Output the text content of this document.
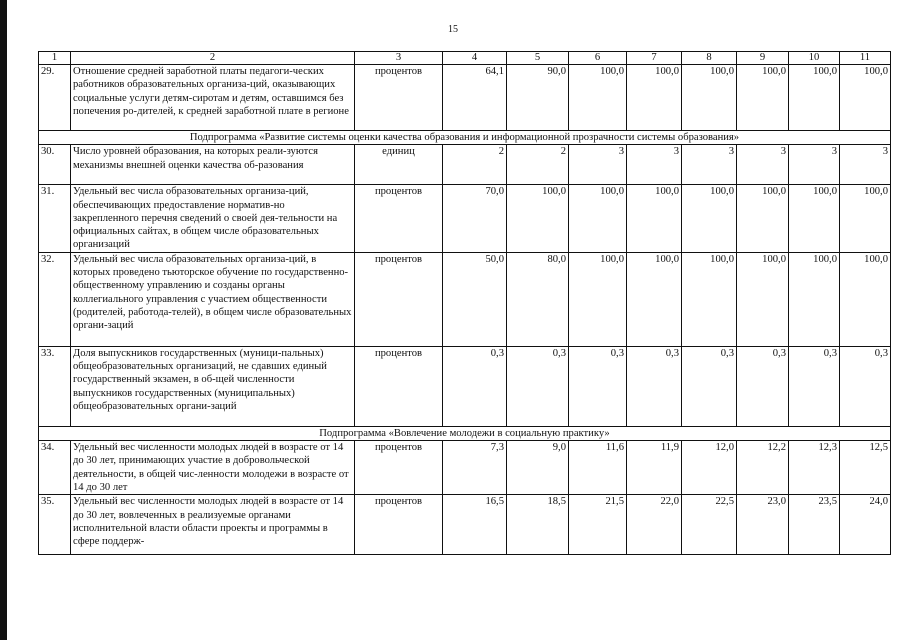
15
1	2	3	4	5	6	7	8	9	10	11
29.	Отношение средней заработной платы педагоги-ческих работников образовательных организа-ций, оказывающих социальные услуги детям-сиротам и детям, оставшимся без попечения ро-дителей, к средней заработной плате в регионе	процентов	64,1	90,0	100,0	100,0	100,0	100,0	100,0	100,0
Подпрограмма «Развитие системы оценки качества образования и информационной прозрачности системы образования»										
30.	Число уровней образования, на которых реали-зуются механизмы внешней оценки качества об-разования	единиц	2	2	3	3	3	3	3	3
31.	Удельный вес числа образовательных организа-ций, обеспечивающих предоставление норматив-но закрепленного перечня сведений о своей дея-тельности на официальных сайтах, в общем числе образовательных организаций	процентов	70,0	100,0	100,0	100,0	100,0	100,0	100,0	100,0
32.	Удельный вес числа образовательных организа-ций, в которых проведено тьюторское обучение по государственно-общественному управлению и созданы органы коллегиального управления с участием общественности (родителей, работода-телей), в общем числе образовательных органи-заций	процентов	50,0	80,0	100,0	100,0	100,0	100,0	100,0	100,0
33.	Доля выпускников государственных (муници-пальных) общеобразовательных организаций, не сдавших единый государственный экзамен, в об-щей численности выпускников государственных (муниципальных) общеобразовательных органи-заций	процентов	0,3	0,3	0,3	0,3	0,3	0,3	0,3	0,3
Подпрограмма «Вовлечение молодежи в социальную практику»										
34.	Удельный вес численности молодых людей в возрасте от 14 до 30 лет, принимающих участие в добровольческой деятельности, в общей чис-ленности молодежи в возрасте от 14 до 30 лет	процентов	7,3	9,0	11,6	11,9	12,0	12,2	12,3	12,5
35.	Удельный вес численности молодых людей в возрасте от 14 до 30 лет, вовлеченных в реализуемые органами исполнительной власти области проекты и программы в сфере поддерж-	процентов	16,5	18,5	21,5	22,0	22,5	23,0	23,5	24,0
